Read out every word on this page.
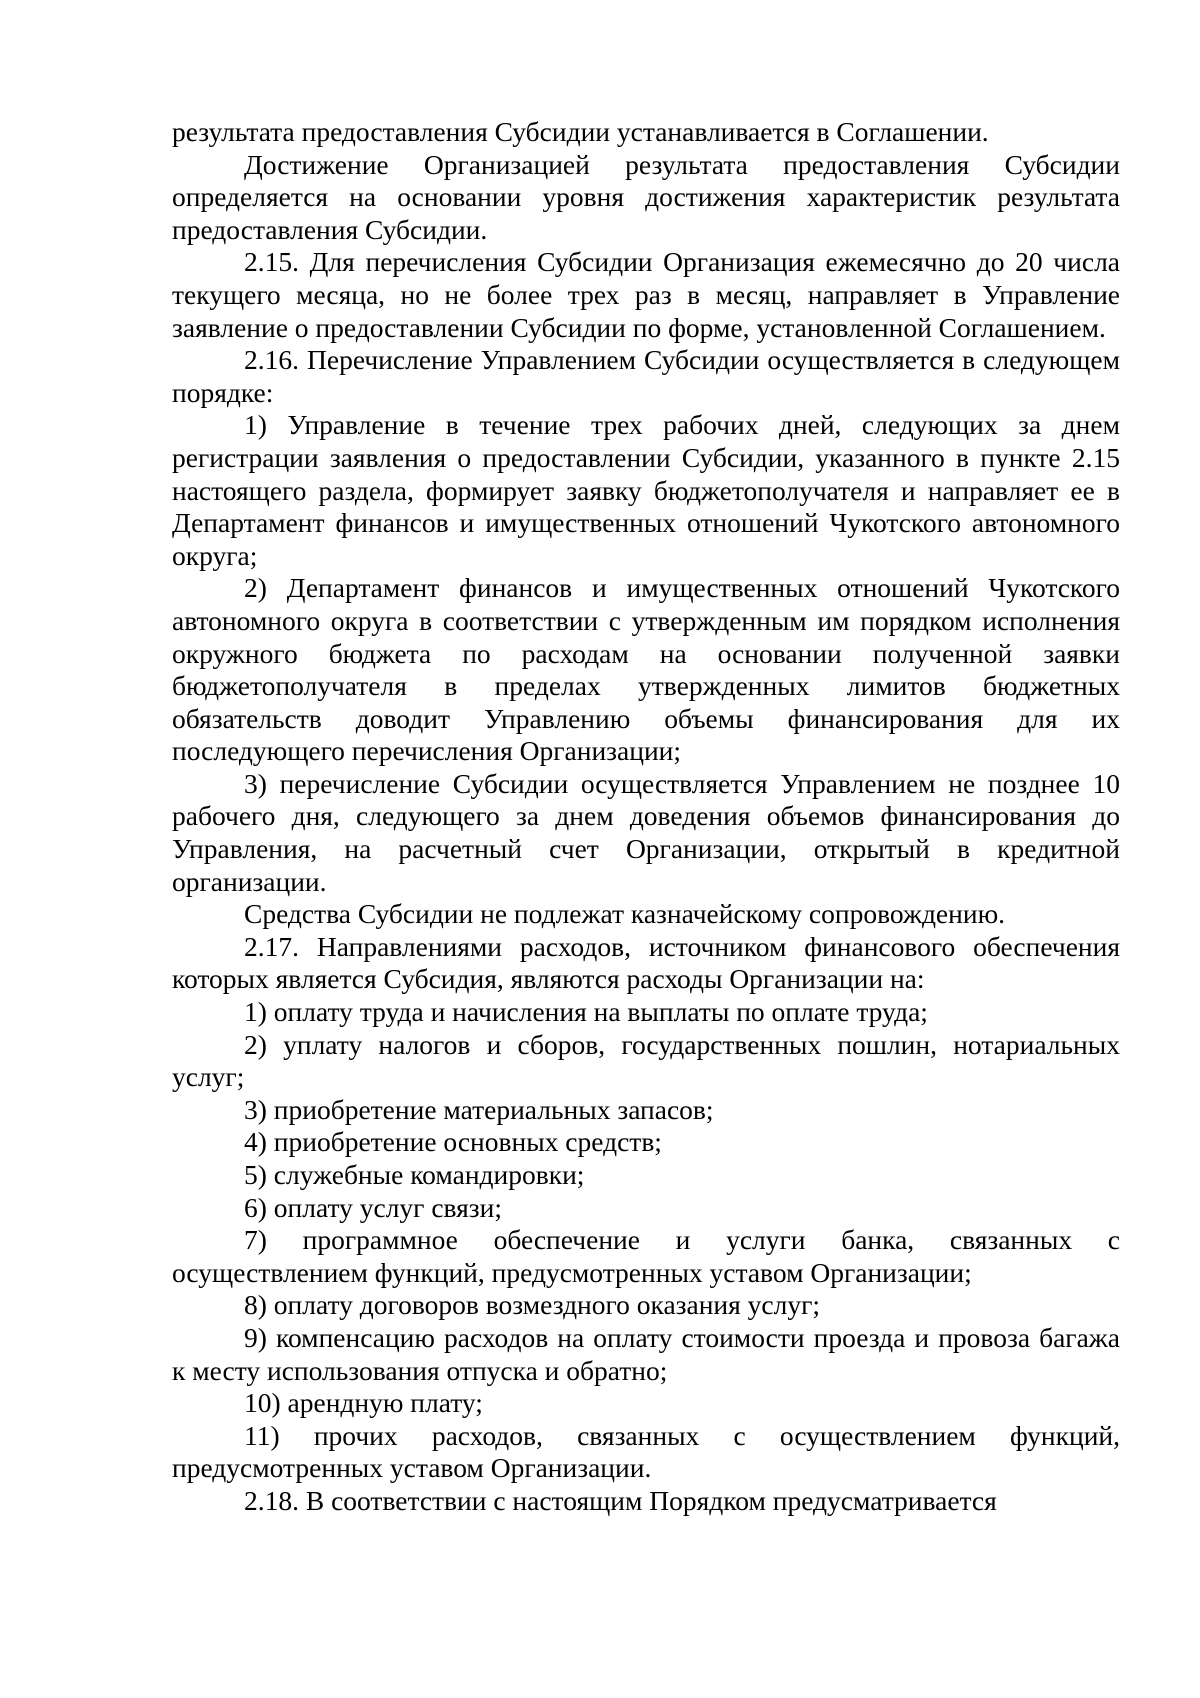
результата предоставления Субсидии устанавливается в Соглашении.

Достижение Организацией результата предоставления Субсидии определяется на основании уровня достижения характеристик результата предоставления Субсидии.

2.15. Для перечисления Субсидии Организация ежемесячно до 20 числа текущего месяца, но не более трех раз в месяц, направляет в Управление заявление о предоставлении Субсидии по форме, установленной Соглашением.

2.16. Перечисление Управлением Субсидии осуществляется в следующем порядке:

1) Управление в течение трех рабочих дней, следующих за днем регистрации заявления о предоставлении Субсидии, указанного в пункте 2.15 настоящего раздела, формирует заявку бюджетополучателя и направляет ее в Департамент финансов и имущественных отношений Чукотского автономного округа;

2) Департамент финансов и имущественных отношений Чукотского автономного округа в соответствии с утвержденным им порядком исполнения окружного бюджета по расходам на основании полученной заявки бюджетополучателя в пределах утвержденных лимитов бюджетных обязательств доводит Управлению объемы финансирования для их последующего перечисления Организации;

3) перечисление Субсидии осуществляется Управлением не позднее 10 рабочего дня, следующего за днем доведения объемов финансирования до Управления, на расчетный счет Организации, открытый в кредитной организации.

Средства Субсидии не подлежат казначейскому сопровождению.

2.17. Направлениями расходов, источником финансового обеспечения которых является Субсидия, являются расходы Организации на:

1) оплату труда и начисления на выплаты по оплате труда;

2) уплату налогов и сборов, государственных пошлин, нотариальных услуг;

3) приобретение материальных запасов;

4) приобретение основных средств;

5) служебные командировки;

6) оплату услуг связи;

7) программное обеспечение и услуги банка, связанных с осуществлением функций, предусмотренных уставом Организации;

8) оплату договоров возмездного оказания услуг;

9) компенсацию расходов на оплату стоимости проезда и провоза багажа к месту использования отпуска и обратно;

10) арендную плату;

11) прочих расходов, связанных с осуществлением функций, предусмотренных уставом Организации.

2.18. В соответствии с настоящим Порядком предусматривается
